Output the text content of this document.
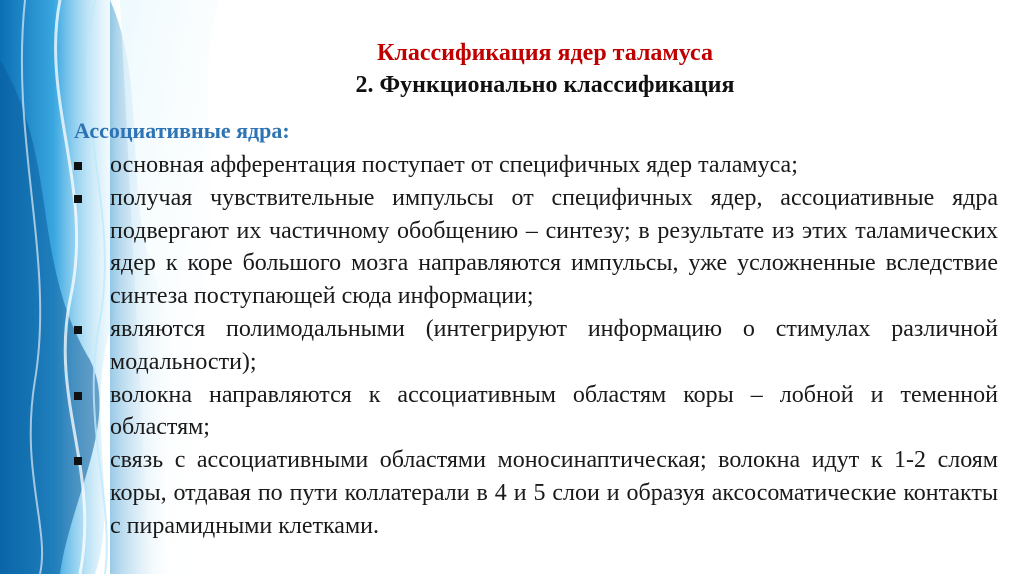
Классификация ядер таламуса

2. Функционально классификация

Ассоциативные ядра:
основная афферентация поступает от специфичных ядер таламуса;
получая чувствительные импульсы от специфичных ядер, ассоциативные ядра подвергают их частичному обобщению – синтезу; в результате из этих таламических ядер к коре большого мозга направляются импульсы, уже усложненные вследствие синтеза поступающей сюда информации;
являются полимодальными (интегрируют информацию о стимулах различной модальности);
волокна направляются к ассоциативным областям коры – лобной и теменной областям;
связь с ассоциативными областями моносинаптическая; волокна идут к 1-2 слоям коры, отдавая по пути коллатерали в 4 и 5 слои и образуя аксосоматические контакты с пирамидными клетками.
